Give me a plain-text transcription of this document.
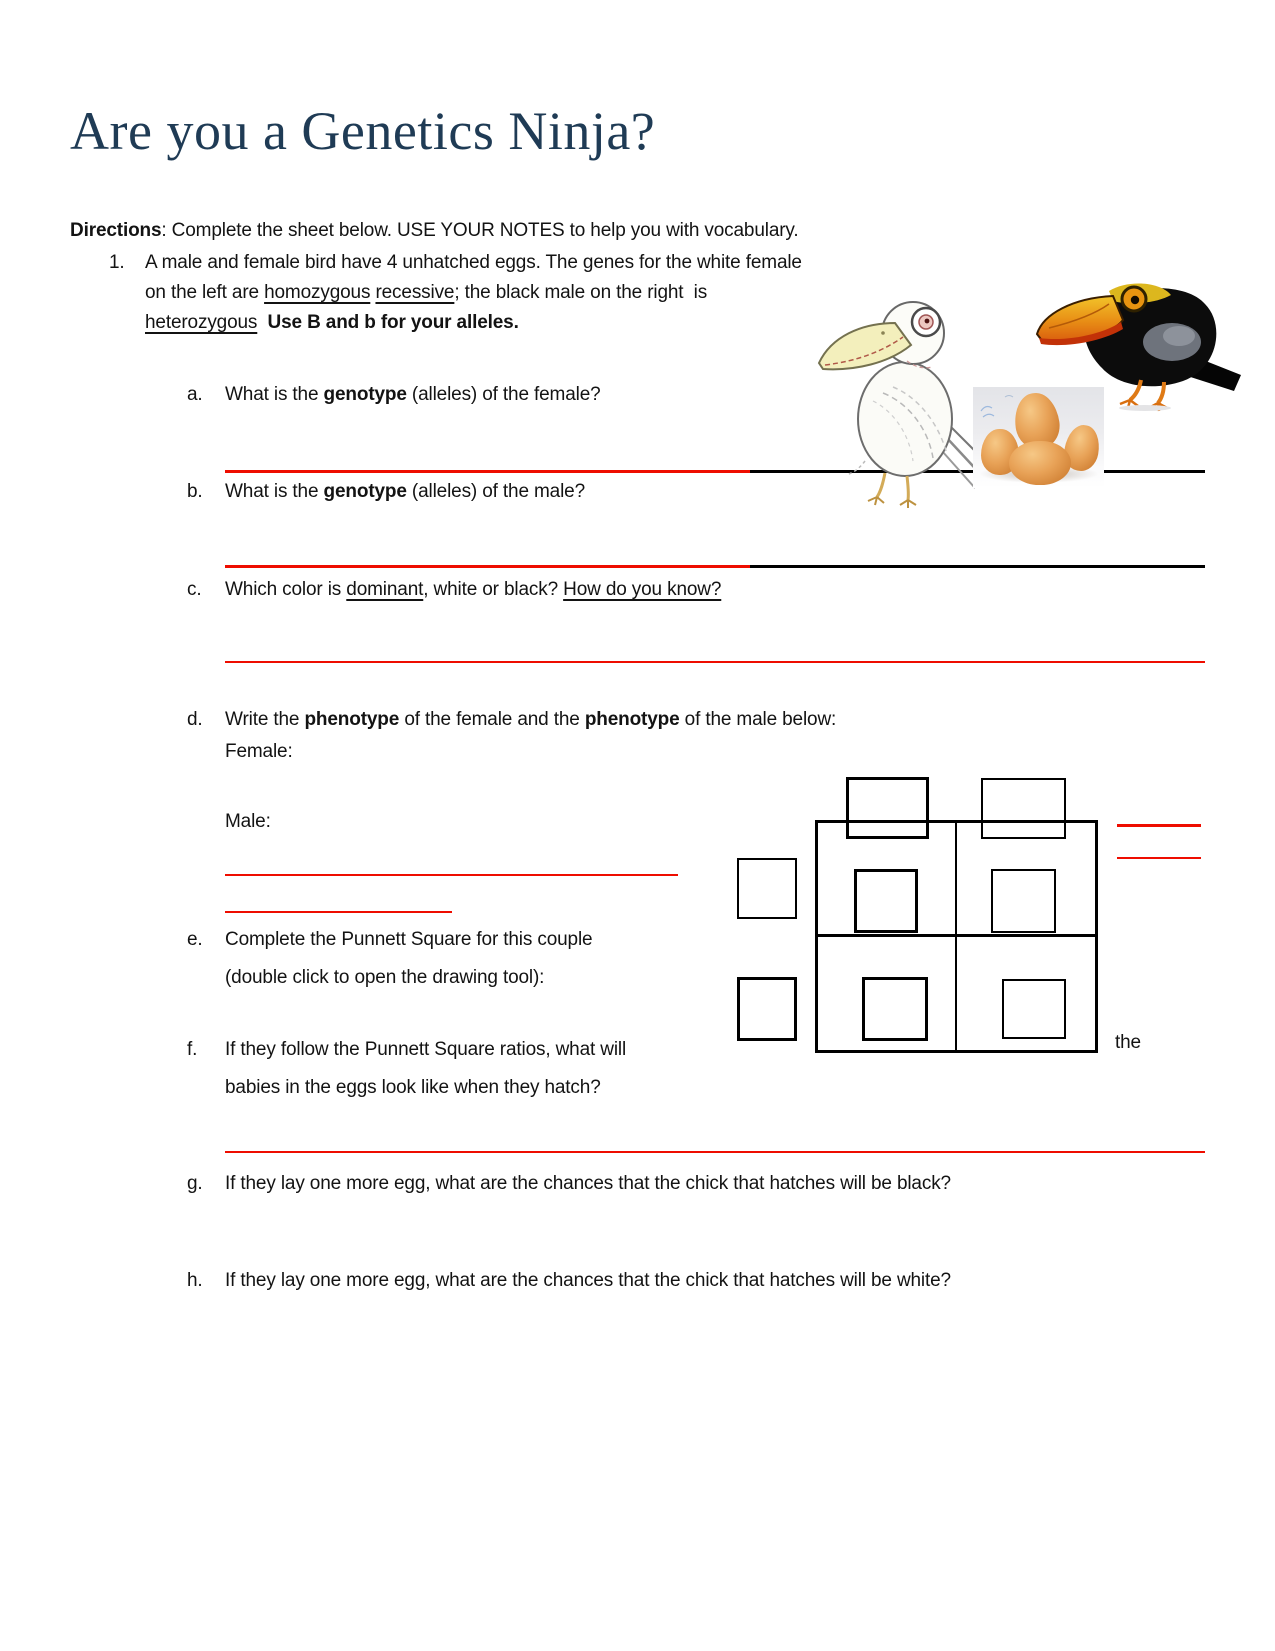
Are you a Genetics Ninja?
Directions: Complete the sheet below. USE YOUR NOTES to help you with vocabulary.
1. A male and female bird have 4 unhatched eggs. The genes for the white female
on the left are homozygous recessive; the black male on the right  is
heterozygous Use B and b for your alleles.
a. What is the genotype (alleles) of the female?
b. What is the genotype (alleles) of the male?
c. Which color is dominant, white or black? How do you know?
d. Write the phenotype of the female and the phenotype of the male below:
Female:
Male:
e. Complete the Punnett Square for this couple
(double click to open the drawing tool):
f. If they follow the Punnett Square ratios, what will	the
babies in the eggs look like when they hatch?
g. If they lay one more egg, what are the chances that the chick that hatches will be black?
h. If they lay one more egg, what are the chances that the chick that hatches will be white?
